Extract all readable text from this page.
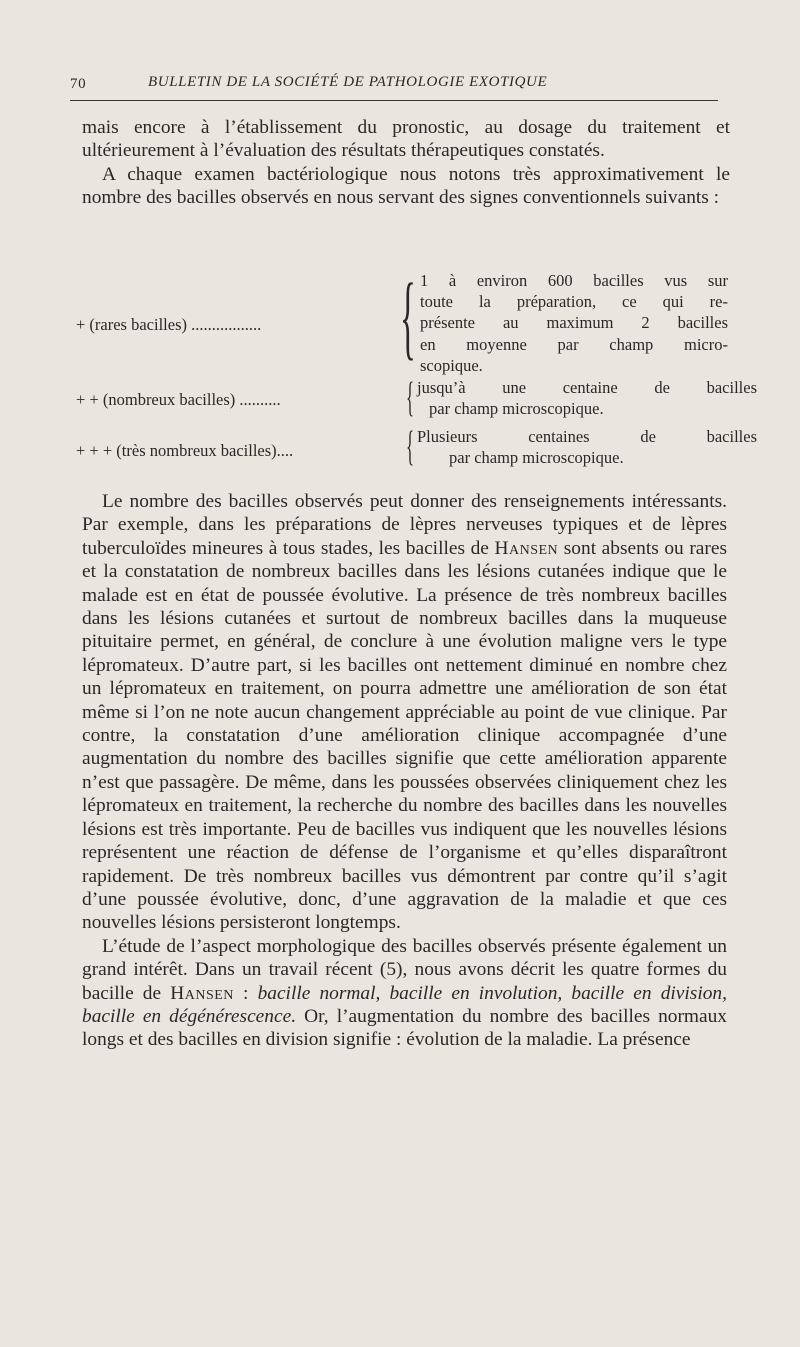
70	BULLETIN DE LA SOCIÉTÉ DE PATHOLOGIE EXOTIQUE

mais encore à l’établissement du pronostic, au dosage du traitement et ultérieurement à l’évaluation des résultats thérapeutiques constatés.

A chaque examen bactériologique nous notons très approximativement le nombre des bacilles observés en nous servant des signes conventionnels suivants :

+ (rares bacilles) ................. { 1 à environ 600 bacilles vus sur
toute la préparation, ce qui re-
présente au maximum 2 bacilles
en moyenne par champ micro-
scopique.
+ + (nombreux bacilles) ..........	{ jusqu’à une centaine de bacilles
par champ microscopique.
+ + + (très nombreux bacilles)....	{ Plusieurs centaines de bacilles
par champ microscopique.

Le nombre des bacilles observés peut donner des renseignements intéressants. Par exemple, dans les préparations de lèpres nerveuses typiques et de lèpres tuberculoïdes mineures à tous stades, les bacilles de Hansen sont absents ou rares et la constatation de nombreux bacilles dans les lésions cutanées indique que le malade est en état de poussée évolutive. La présence de très nombreux bacilles dans les lésions cutanées et surtout de nombreux bacilles dans la muqueuse pituitaire permet, en général, de conclure à une évolution maligne vers le type lépromateux. D’autre part, si les bacilles ont nettement diminué en nombre chez un lépromateux en traitement, on pourra admettre une amélioration de son état même si l’on ne note aucun changement appréciable au point de vue clinique. Par contre, la constatation d’une amélioration clinique accompagnée d’une augmentation du nombre des bacilles signifie que cette amélioration apparente n’est que passagère. De même, dans les poussées observées cliniquement chez les lépromateux en traitement, la recherche du nombre des bacilles dans les nouvelles lésions est très importante. Peu de bacilles vus indiquent que les nouvelles lésions représentent une réaction de défense de l’organisme et qu’elles disparaîtront rapidement. De très nombreux bacilles vus démontrent par contre qu’il s’agit d’une poussée évolutive, donc, d’une aggravation de la maladie et que ces nouvelles lésions persisteront longtemps.

L’étude de l’aspect morphologique des bacilles observés présente également un grand intérêt. Dans un travail récent (5), nous avons décrit les quatre formes du bacille de Hansen : bacille normal, bacille en involution, bacille en division, bacille en dégénérescence. Or, l’augmentation du nombre des bacilles normaux longs et des bacilles en division signifie : évolution de la maladie. La présence
